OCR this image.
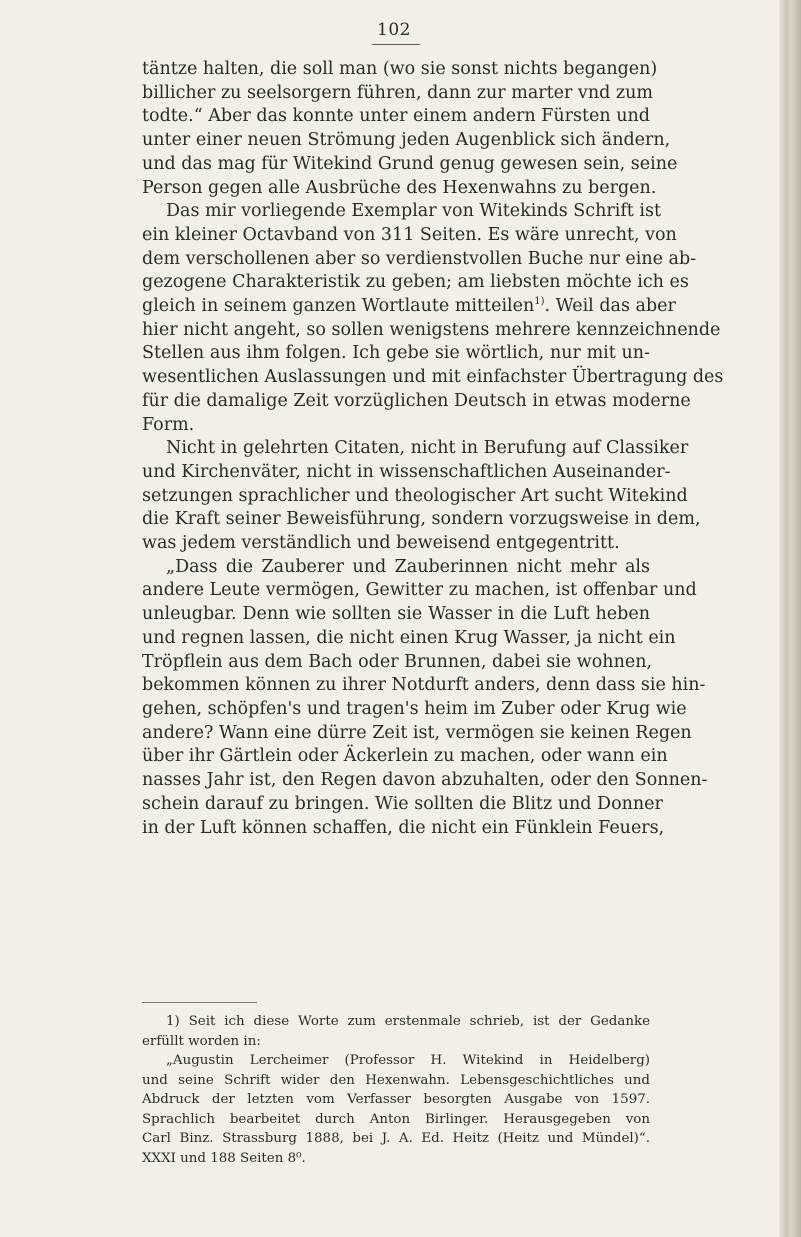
102
täntze halten, die soll man (wo sie sonst nichts begangen)
billicher zu seelsorgern führen, dann zur marter vnd zum
todte.“ Aber das konnte unter einem andern Fürsten und
unter einer neuen Strömung jeden Augenblick sich ändern,
und das mag für Witekind Grund genug gewesen sein, seine
Person gegen alle Ausbrüche des Hexenwahns zu bergen.
Das mir vorliegende Exemplar von Witekinds Schrift ist
ein kleiner Octavband von 311 Seiten. Es wäre unrecht, von
dem verschollenen aber so verdienstvollen Buche nur eine ab-
gezogene Charakteristik zu geben; am liebsten möchte ich es
gleich in seinem ganzen Wortlaute mitteilen$^{1)}$. Weil das aber
hier nicht angeht, so sollen wenigstens mehrere kennzeichnende
Stellen aus ihm folgen. Ich gebe sie wörtlich, nur mit un-
wesentlichen Auslassungen und mit einfachster Übertragung des
für die damalige Zeit vorzüglichen Deutsch in etwas moderne
Form.
Nicht in gelehrten Citaten, nicht in Berufung auf Classiker
und Kirchenväter, nicht in wissenschaftlichen Auseinander-
setzungen sprachlicher und theologischer Art sucht Witekind
die Kraft seiner Beweisführung, sondern vorzugsweise in dem,
was jedem verständlich und beweisend entgegentritt.
„Dass die Zauberer und Zauberinnen nicht mehr als
andere Leute vermögen, Gewitter zu machen, ist offenbar und
unleugbar. Denn wie sollten sie Wasser in die Luft heben
und regnen lassen, die nicht einen Krug Wasser, ja nicht ein
Tröpflein aus dem Bach oder Brunnen, dabei sie wohnen,
bekommen können zu ihrer Notdurft anders, denn dass sie hin-
gehen, schöpfen's und tragen's heim im Zuber oder Krug wie
andere? Wann eine dürre Zeit ist, vermögen sie keinen Regen
über ihr Gärtlein oder Äckerlein zu machen, oder wann ein
nasses Jahr ist, den Regen davon abzuhalten, oder den Sonnen-
schein darauf zu bringen. Wie sollten die Blitz und Donner
in der Luft können schaffen, die nicht ein Fünklein Feuers,
1) Seit ich diese Worte zum erstenmale schrieb, ist der Gedanke
erfüllt worden in:
„Augustin Lercheimer (Professor H. Witekind in Heidelberg)
und seine Schrift wider den Hexenwahn. Lebensgeschichtliches und
Abdruck der letzten vom Verfasser besorgten Ausgabe von 1597.
Sprachlich bearbeitet durch Anton Birlinger. Herausgegeben von
Carl Binz. Strassburg 1888, bei J. A. Ed. Heitz (Heitz und Mündel)“.
XXXI und 188 Seiten 8⁰.
